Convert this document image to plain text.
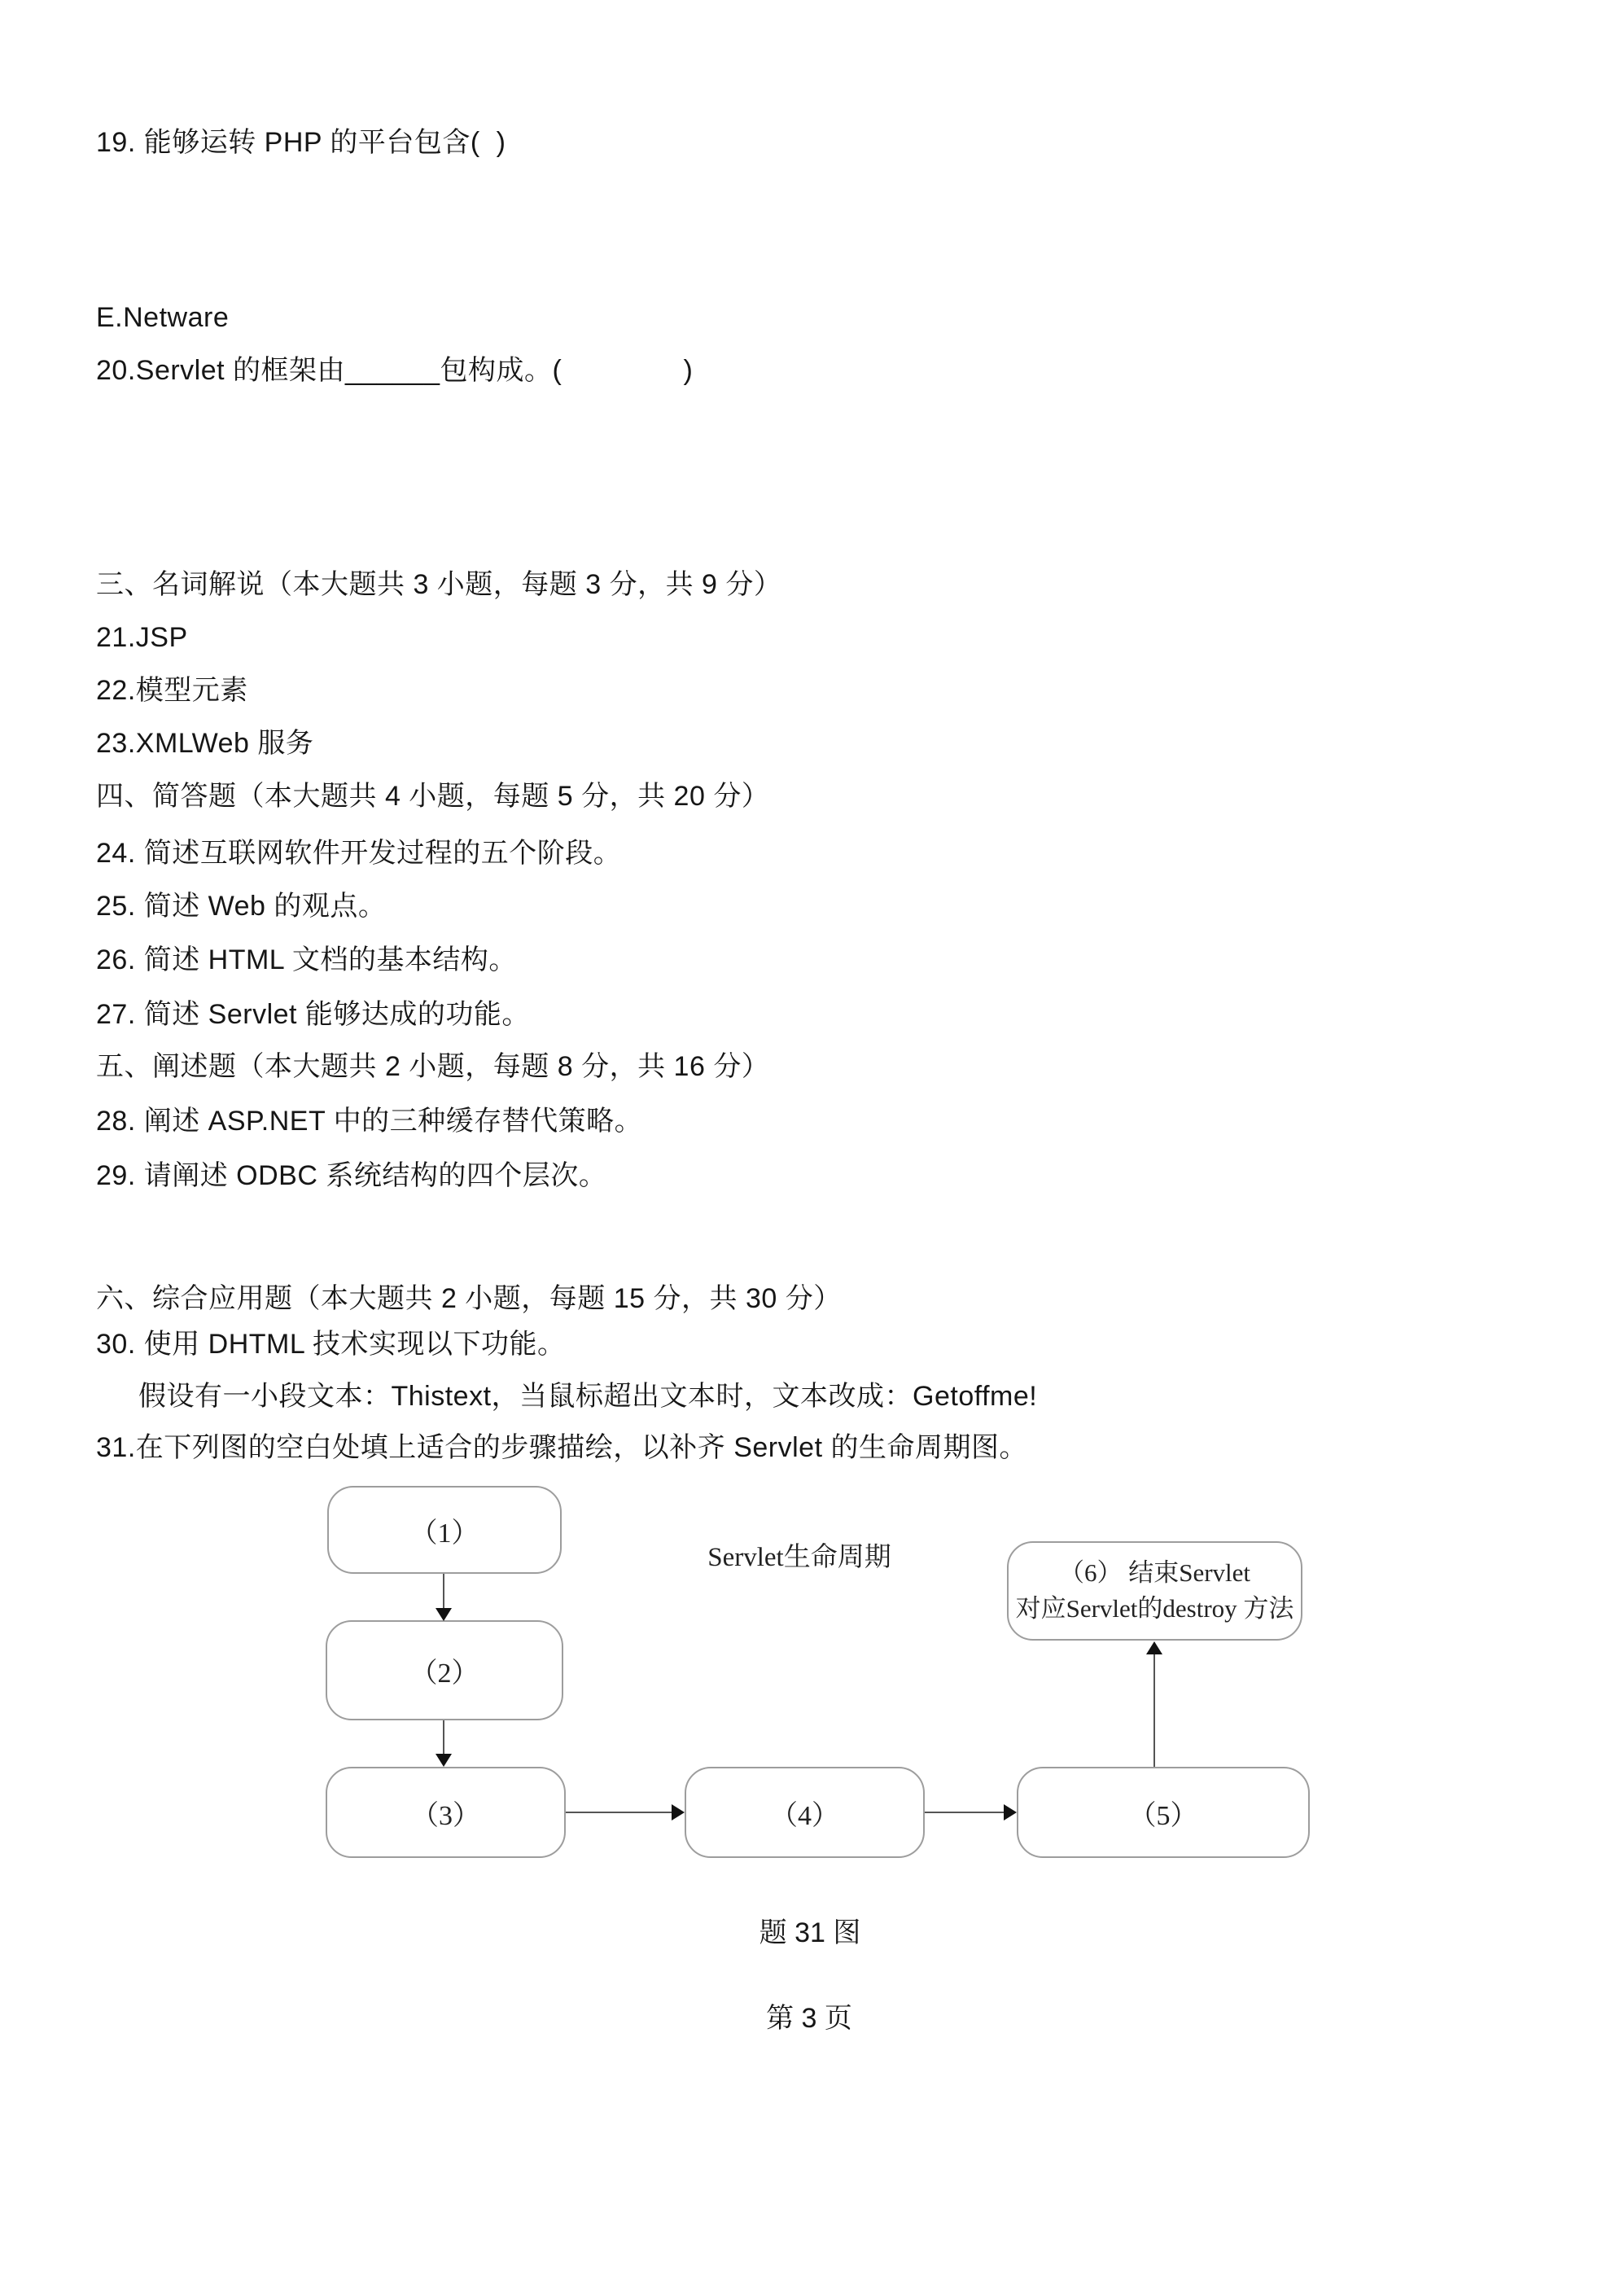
19. 能够运转 PHP 的平台包含(  )
E.Netware
20.Servlet 的框架由______包构成。(               )
三、名词解说（本大题共 3 小题，每题 3 分，共 9 分）
21.JSP
22.模型元素
23.XMLWeb 服务
四、简答题（本大题共 4 小题，每题 5 分，共 20 分）
24. 简述互联网软件开发过程的五个阶段。
25. 简述 Web 的观点。
26. 简述 HTML 文档的基本结构。
27. 简述 Servlet 能够达成的功能。
五、阐述题（本大题共 2 小题，每题 8 分，共 16 分）
28. 阐述 ASP.NET 中的三种缓存替代策略。
29. 请阐述 ODBC 系统结构的四个层次。
六、综合应用题（本大题共 2 小题，每题 15 分，共 30 分）
30. 使用 DHTML 技术实现以下功能。
假设有一小段文本：Thistext，当鼠标超出文本时，文本改成：Getoffme!
31.在下列图的空白处填上适合的步骤描绘，以补齐 Servlet 的生命周期图。
Servlet生命周期
（1）
（2）
（3）	（4）	（5）
（6） 结束Servlet
对应Servlet的destroy 方法
题 31 图
第 3 页
